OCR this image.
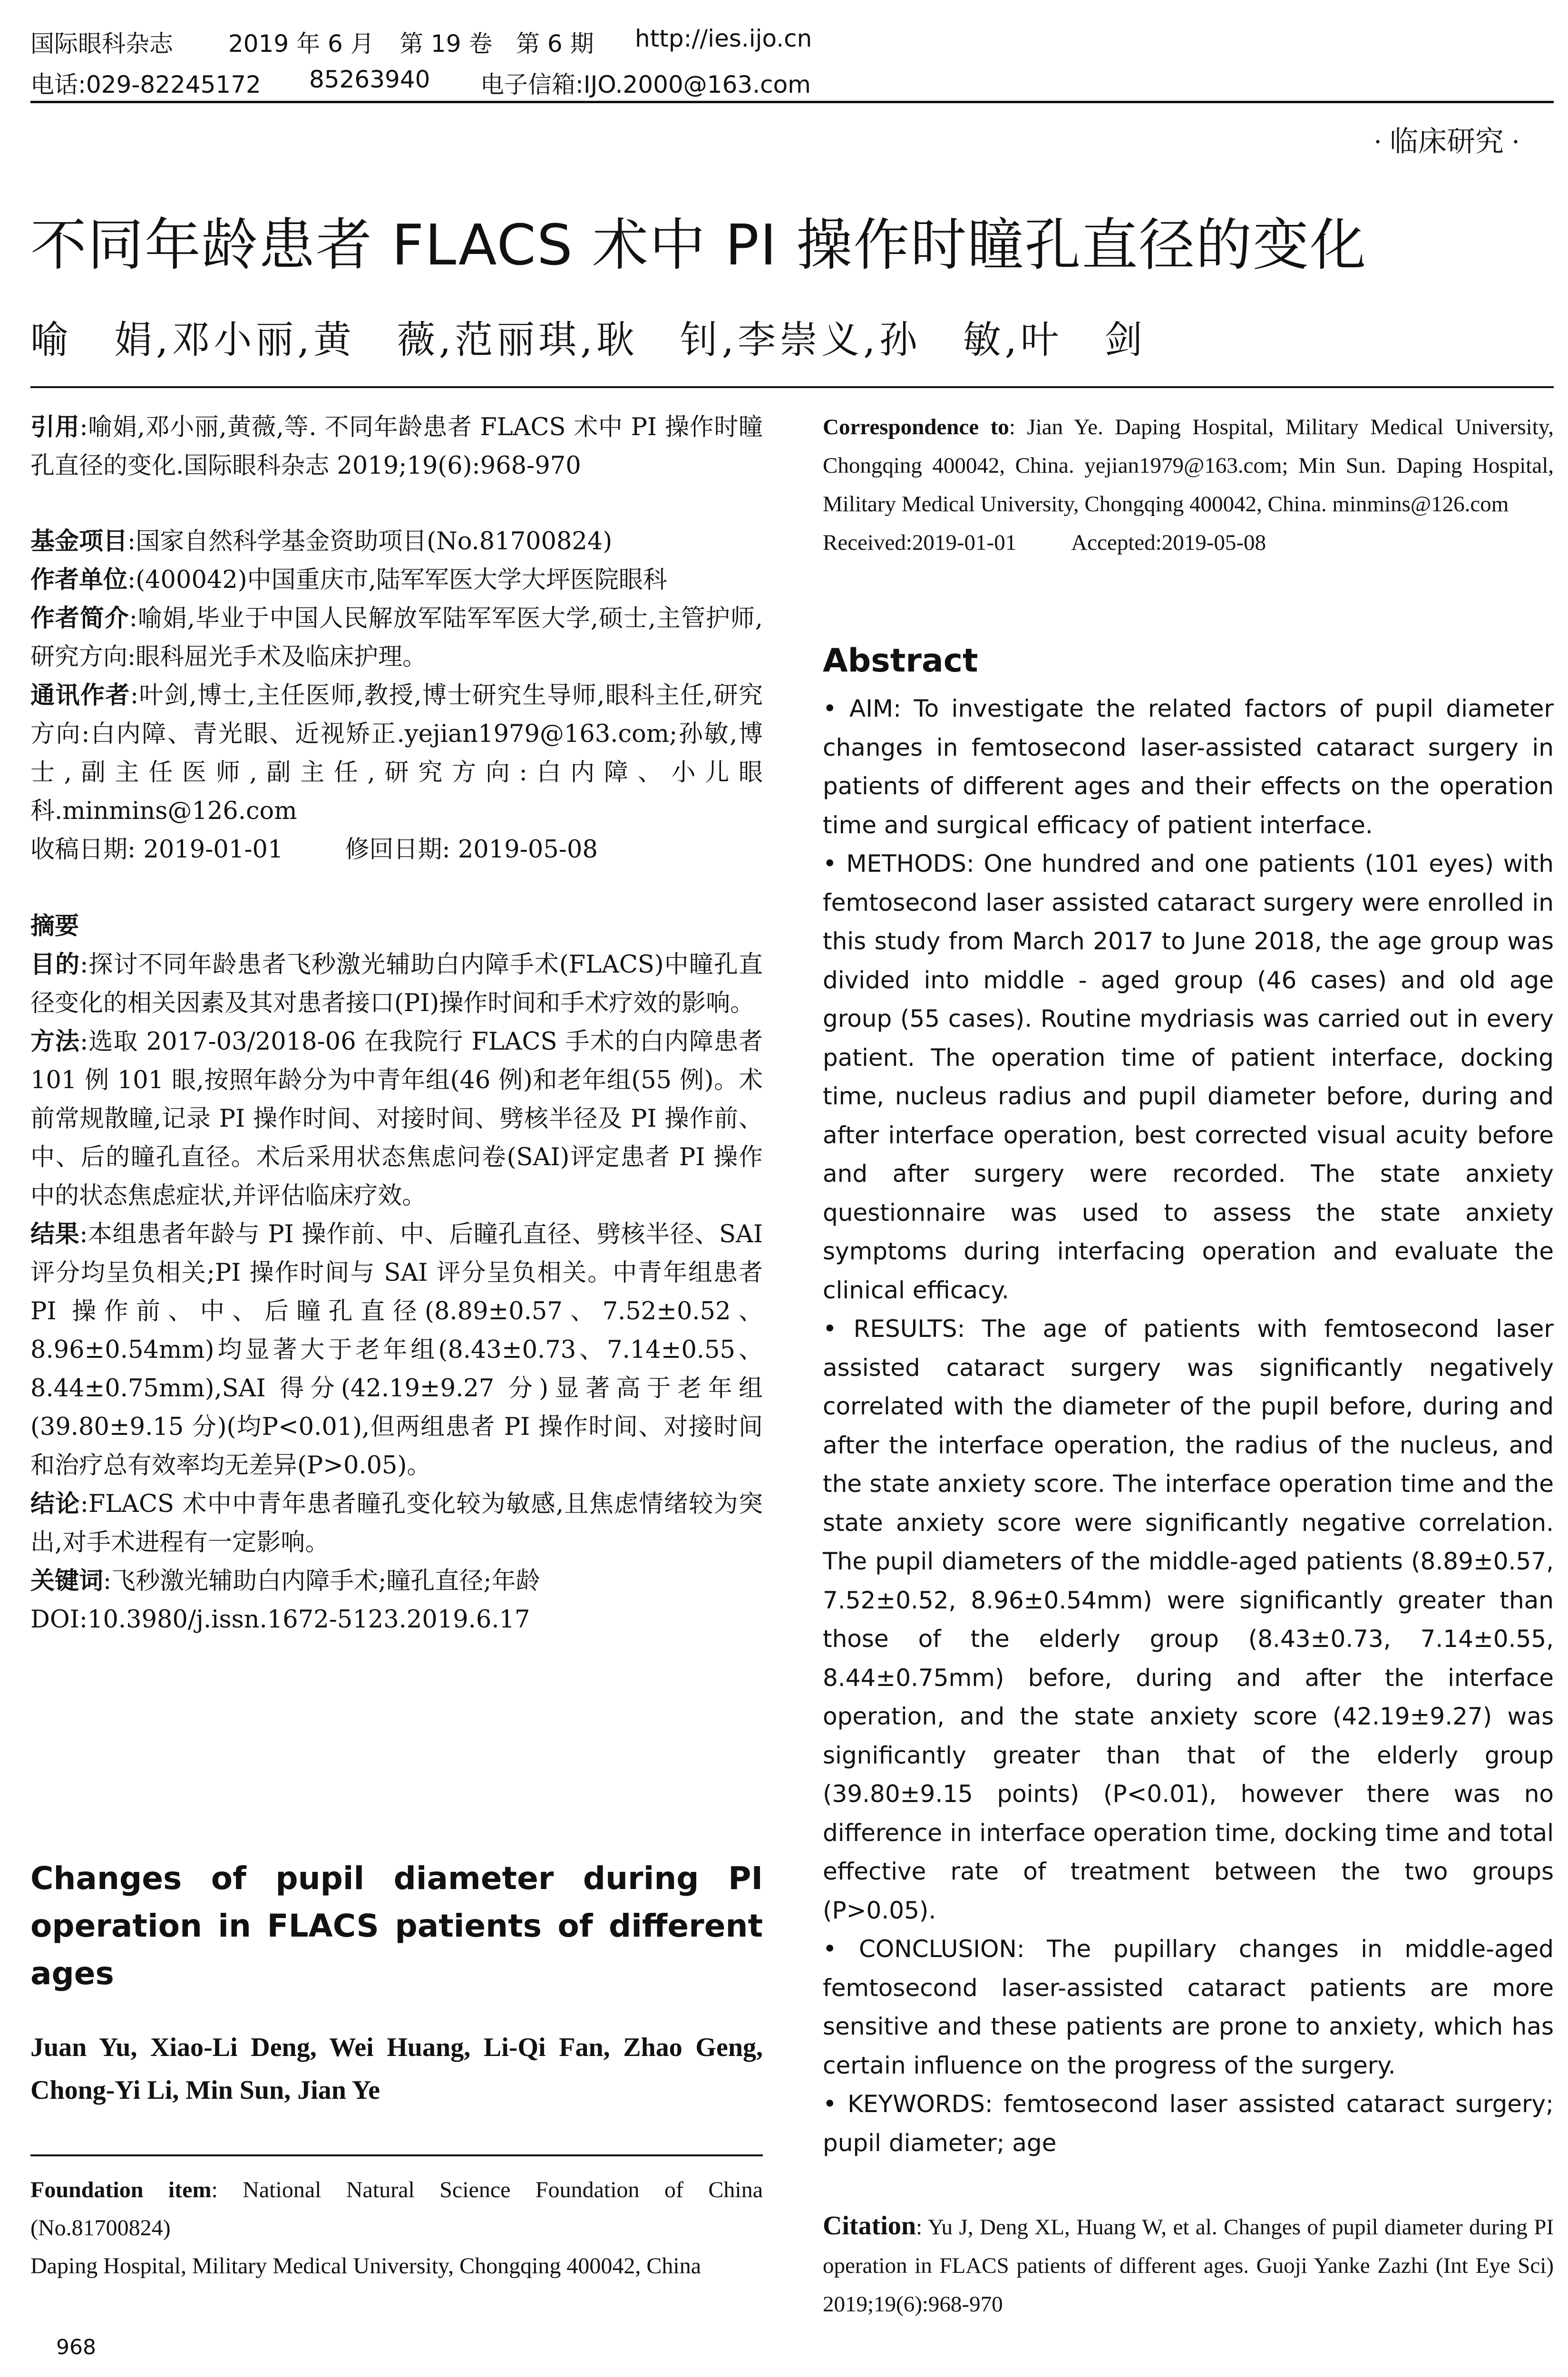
国际眼科杂志 2019 年 6 月 第 19 卷 第 6 期 http://ies.ijo.cn
电话:029-82245172 85263940 电子信箱:IJO.2000@163.com
· 临床研究 ·
不同年龄患者 FLACS 术中 PI 操作时瞳孔直径的变化
喻　娟,邓小丽,黄　薇,范丽琪,耿　钊,李崇义,孙　敏,叶　剑

引用:喻娟,邓小丽,黄薇,等. 不同年龄患者 FLACS 术中 PI 操作时瞳孔直径的变化.国际眼科杂志 2019;19(6):968-970

基金项目:国家自然科学基金资助项目(No.81700824)

作者单位:(400042)中国重庆市,陆军军医大学大坪医院眼科

作者简介:喻娟,毕业于中国人民解放军陆军军医大学,硕士,主管护师,研究方向:眼科屈光手术及临床护理。

通讯作者:叶剑,博士,主任医师,教授,博士研究生导师,眼科主任,研究方向:白内障、青光眼、近视矫正.yejian1979@163.com;孙敏,博士,副主任医师,副主任,研究方向:白内障、小儿眼科.minmins@126.com

收稿日期: 2019-01-01	修回日期: 2019-05-08

摘要

目的:探讨不同年龄患者飞秒激光辅助白内障手术(FLACS)中瞳孔直径变化的相关因素及其对患者接口(PI)操作时间和手术疗效的影响。

方法:选取 2017-03/2018-06 在我院行 FLACS 手术的白内障患者 101 例 101 眼,按照年龄分为中青年组(46 例)和老年组(55 例)。术前常规散瞳,记录 PI 操作时间、对接时间、劈核半径及 PI 操作前、中、后的瞳孔直径。术后采用状态焦虑问卷(SAI)评定患者 PI 操作中的状态焦虑症状,并评估临床疗效。

结果:本组患者年龄与 PI 操作前、中、后瞳孔直径、劈核半径、SAI 评分均呈负相关;PI 操作时间与 SAI 评分呈负相关。中青年组患者 PI 操作前、中、后瞳孔直径(8.89±0.57、7.52±0.52、8.96±0.54mm)均显著大于老年组(8.43±0.73、7.14±0.55、8.44±0.75mm),SAI 得分(42.19±9.27 分)显著高于老年组(39.80±9.15 分)(均P<0.01),但两组患者 PI 操作时间、对接时间和治疗总有效率均无差异(P>0.05)。

结论:FLACS 术中中青年患者瞳孔变化较为敏感,且焦虑情绪较为突出,对手术进程有一定影响。

关键词:飞秒激光辅助白内障手术;瞳孔直径;年龄

DOI:10.3980/j.issn.1672-5123.2019.6.17

Changes of pupil diameter during PI operation in FLACS patients of different ages
Juan Yu, Xiao-Li Deng, Wei Huang, Li-Qi Fan, Zhao Geng, Chong-Yi Li, Min Sun, Jian Ye

Foundation item: National Natural Science Foundation of China (No.81700824)

Daping Hospital, Military Medical University, Chongqing 400042, China

968

Correspondence to: Jian Ye. Daping Hospital, Military Medical University, Chongqing 400042, China. yejian1979@163.com; Min Sun. Daping Hospital, Military Medical University, Chongqing 400042, China. minmins@126.com

Received:2019-01-01 Accepted:2019-05-08

Abstract

• AIM: To investigate the related factors of pupil diameter changes in femtosecond laser-assisted cataract surgery in patients of different ages and their effects on the operation time and surgical efficacy of patient interface.

• METHODS: One hundred and one patients (101 eyes) with femtosecond laser assisted cataract surgery were enrolled in this study from March 2017 to June 2018, the age group was divided into middle - aged group (46 cases) and old age group (55 cases). Routine mydriasis was carried out in every patient. The operation time of patient interface, docking time, nucleus radius and pupil diameter before, during and after interface operation, best corrected visual acuity before and after surgery were recorded. The state anxiety questionnaire was used to assess the state anxiety symptoms during interfacing operation and evaluate the clinical efficacy.

• RESULTS: The age of patients with femtosecond laser assisted cataract surgery was significantly negatively correlated with the diameter of the pupil before, during and after the interface operation, the radius of the nucleus, and the state anxiety score. The interface operation time and the state anxiety score were significantly negative correlation. The pupil diameters of the middle-aged patients (8.89±0.57, 7.52±0.52, 8.96±0.54mm) were significantly greater than those of the elderly group (8.43±0.73, 7.14±0.55, 8.44±0.75mm) before, during and after the interface operation, and the state anxiety score (42.19±9.27) was significantly greater than that of the elderly group (39.80±9.15 points) (P<0.01), however there was no difference in interface operation time, docking time and total effective rate of treatment between the two groups (P>0.05).

• CONCLUSION: The pupillary changes in middle-aged femtosecond laser-assisted cataract patients are more sensitive and these patients are prone to anxiety, which has certain influence on the progress of the surgery.

• KEYWORDS: femtosecond laser assisted cataract surgery; pupil diameter; age

Citation: Yu J, Deng XL, Huang W, et al. Changes of pupil diameter during PI operation in FLACS patients of different ages. Guoji Yanke Zazhi (Int Eye Sci) 2019;19(6):968-970
